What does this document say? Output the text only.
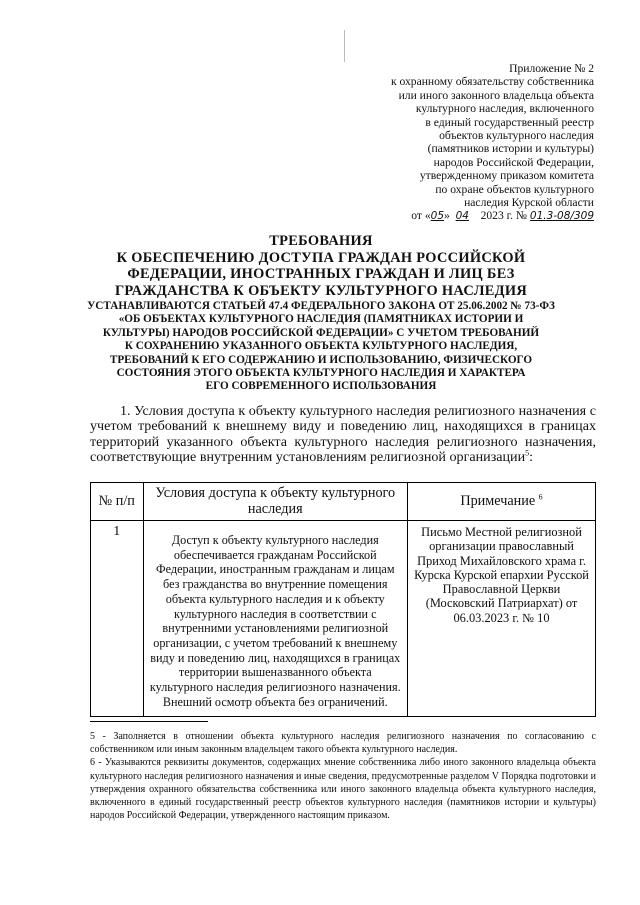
Приложение № 2
к охранному обязательству собственника
или иного законного владельца объекта
культурного наследия, включенного
в единый государственный реестр
объектов культурного наследия
(памятников истории и культуры)
народов Российской Федерации,
утвержденному приказом комитета
по охране объектов культурного
наследия Курской области
от «05» 04 2023 г. № 01.3-08/309
ТРЕБОВАНИЯ
К ОБЕСПЕЧЕНИЮ ДОСТУПА ГРАЖДАН РОССИЙСКОЙ
ФЕДЕРАЦИИ, ИНОСТРАННЫХ ГРАЖДАН И ЛИЦ БЕЗ
ГРАЖДАНСТВА К ОБЪЕКТУ КУЛЬТУРНОГО НАСЛЕДИЯ
УСТАНАВЛИВАЮТСЯ СТАТЬЕЙ 47.4 ФЕДЕРАЛЬНОГО ЗАКОНА ОТ 25.06.2002 № 73-ФЗ
«ОБ ОБЪЕКТАХ КУЛЬТУРНОГО НАСЛЕДИЯ (ПАМЯТНИКАХ ИСТОРИИ И
КУЛЬТУРЫ) НАРОДОВ РОССИЙСКОЙ ФЕДЕРАЦИИ» С УЧЕТОМ ТРЕБОВАНИЙ
К СОХРАНЕНИЮ УКАЗАННОГО ОБЪЕКТА КУЛЬТУРНОГО НАСЛЕДИЯ,
ТРЕБОВАНИЙ К ЕГО СОДЕРЖАНИЮ И ИСПОЛЬЗОВАНИЮ, ФИЗИЧЕСКОГО
СОСТОЯНИЯ ЭТОГО ОБЪЕКТА КУЛЬТУРНОГО НАСЛЕДИЯ И ХАРАКТЕРА
ЕГО СОВРЕМЕННОГО ИСПОЛЬЗОВАНИЯ
1. Условия доступа к объекту культурного наследия религиозного назначения с учетом требований к внешнему виду и поведению лиц, находящихся в границах территорий указанного объекта культурного наследия религиозного назначения, соответствующие внутренним установлениям религиозной организации$^5$:
№ п/п	Условия доступа к объекту культурного наследия	Примечание $^6$
1	Доступ к объекту культурного наследия обеспечивается гражданам Российской Федерации, иностранным гражданам и лицам без гражданства во внутренние помещения объекта культурного наследия и к объекту культурного наследия в соответствии с внутренними установлениями религиозной организации, с учетом требований к внешнему виду и поведению лиц, находящихся в границах территории вышеназванного объекта культурного наследия религиозного назначения. Внешний осмотр объекта без ограничений.	Письмо Местной религиозной организации православный Приход Михайловского храма г. Курска Курской епархии Русской Православной Церкви (Московский Патриархат) от 06.03.2023 г. № 10

5 - Заполняется в отношении объекта культурного наследия религиозного назначения по согласованию с собственником или иным законным владельцем такого объекта культурного наследия.

6 - Указываются реквизиты документов, содержащих мнение собственника либо иного законного владельца объекта культурного наследия религиозного назначения и иные сведения, предусмотренные разделом V Порядка подготовки и утверждения охранного обязательства собственника или иного законного владельца объекта культурного наследия, включенного в единый государственный реестр объектов культурного наследия (памятников истории и культуры) народов Российской Федерации, утвержденного настоящим приказом.
